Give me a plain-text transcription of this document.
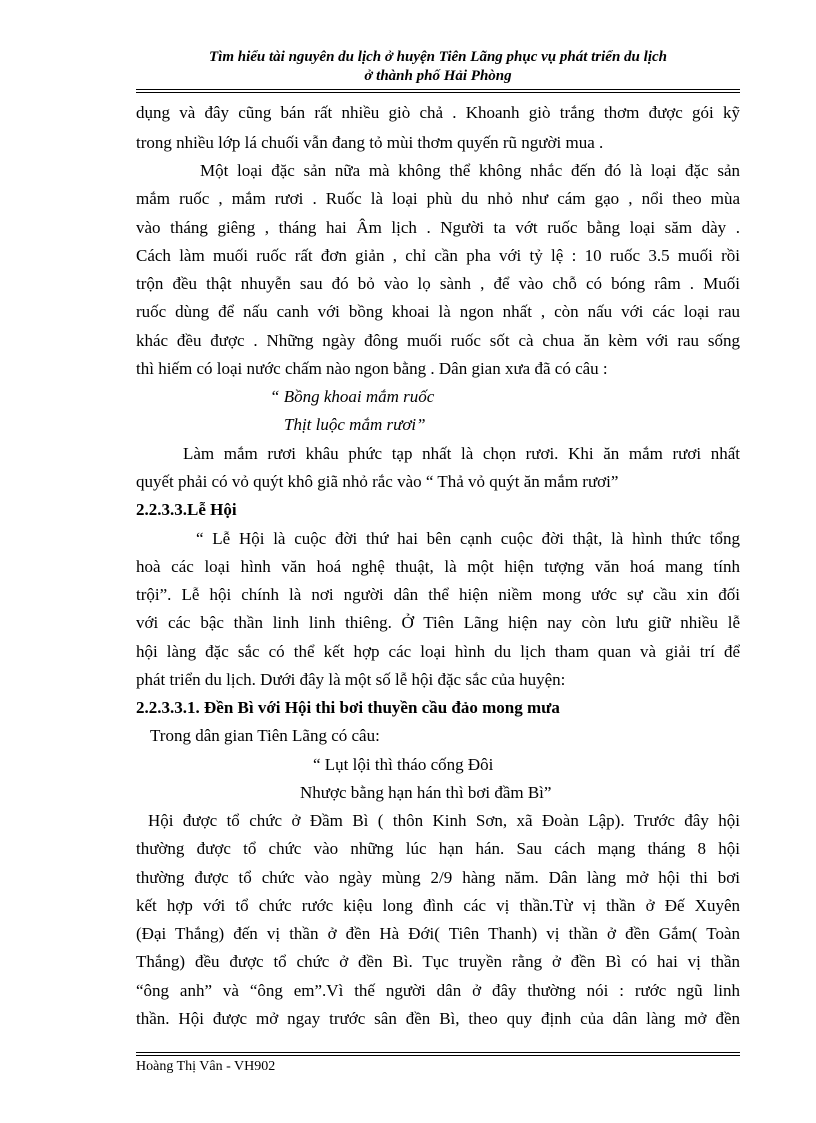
Tìm hiểu tài nguyên du lịch ở huyện Tiên Lãng phục vụ phát triển du lịch
ở thành phố Hải Phòng
dụng và đây cũng bán rất nhiều giò chả . Khoanh giò trắng thơm được gói kỹ
trong nhiều lớp lá chuối vẫn đang tỏ mùi thơm quyến rũ người mua .
Một loại đặc sản nữa mà không thể không nhắc đến đó là loại đặc sản
mắm ruốc , mắm rươi . Ruốc là loại phù du nhỏ như cám gạo , nổi theo mùa
vào tháng giêng , tháng hai Âm lịch . Người ta vớt ruốc bằng loại săm dày .
Cách làm muối ruốc rất đơn giản , chỉ cần pha với tỷ lệ : 10 ruốc 3.5 muối rồi
trộn đều thật nhuyễn sau đó bỏ vào lọ sành , để vào chỗ có bóng râm . Muối
ruốc dùng để nấu canh với bồng khoai là ngon nhất , còn nấu với các loại rau
khác đều được . Những ngày đông muối ruốc sốt cà chua ăn kèm với rau sống
thì hiếm có loại nước chấm nào ngon bằng . Dân gian xưa đã có câu :
“ Bồng khoai mắm ruốc
Thịt luộc mắm rươi”
Làm mắm rươi khâu phức tạp nhất là chọn rươi. Khi ăn mắm rươi nhất
quyết phải có vỏ quýt khô giã nhỏ rắc vào “ Thả vỏ quýt ăn mắm rươi”
2.2.3.3.Lễ Hội
“ Lễ Hội là cuộc đời thứ hai bên cạnh cuộc đời thật, là hình thức tổng
hoà các loại hình văn hoá nghệ thuật, là một hiện tượng văn hoá mang tính
trội”. Lễ hội chính là nơi người dân thể hiện niềm mong ước sự cầu xin đối
với các bậc thần linh linh thiêng. Ở Tiên Lãng hiện nay còn lưu giữ nhiều lễ
hội làng đặc sắc có thể kết hợp các loại hình du lịch tham quan và giải trí để
phát triển du lịch. Dưới đây là một số lễ hội đặc sắc của huyện:
2.2.3.3.1. Đền Bì với Hội thi bơi thuyền cầu đảo mong mưa
Trong dân gian Tiên Lãng có câu:
“ Lụt lội thì tháo cống Đôi
Nhược bằng hạn hán thì bơi đầm Bì”
Hội được tổ chức ở Đầm Bì ( thôn Kinh Sơn, xã Đoàn Lập). Trước đây hội
thường được tổ chức vào những lúc hạn hán. Sau cách mạng tháng 8 hội
thường được tổ chức vào ngày mùng 2/9 hàng năm. Dân làng mở hội thi bơi
kết hợp với tổ chức rước kiệu long đình các vị thần.Từ vị thần ở Đế Xuyên
(Đại Thắng) đến vị thần ở đền Hà Đới( Tiên Thanh) vị thần ở đền Gắm( Toàn
Thắng) đều được tổ chức ở đền Bì. Tục truyền rằng ở đền Bì có hai vị thần
“ông anh” và “ông em”.Vì thế người dân ở đây thường nói : rước ngũ linh
thần. Hội được mở ngay trước sân đền Bì, theo quy định của dân làng mở đền
Hoàng Thị Vân - VH902
